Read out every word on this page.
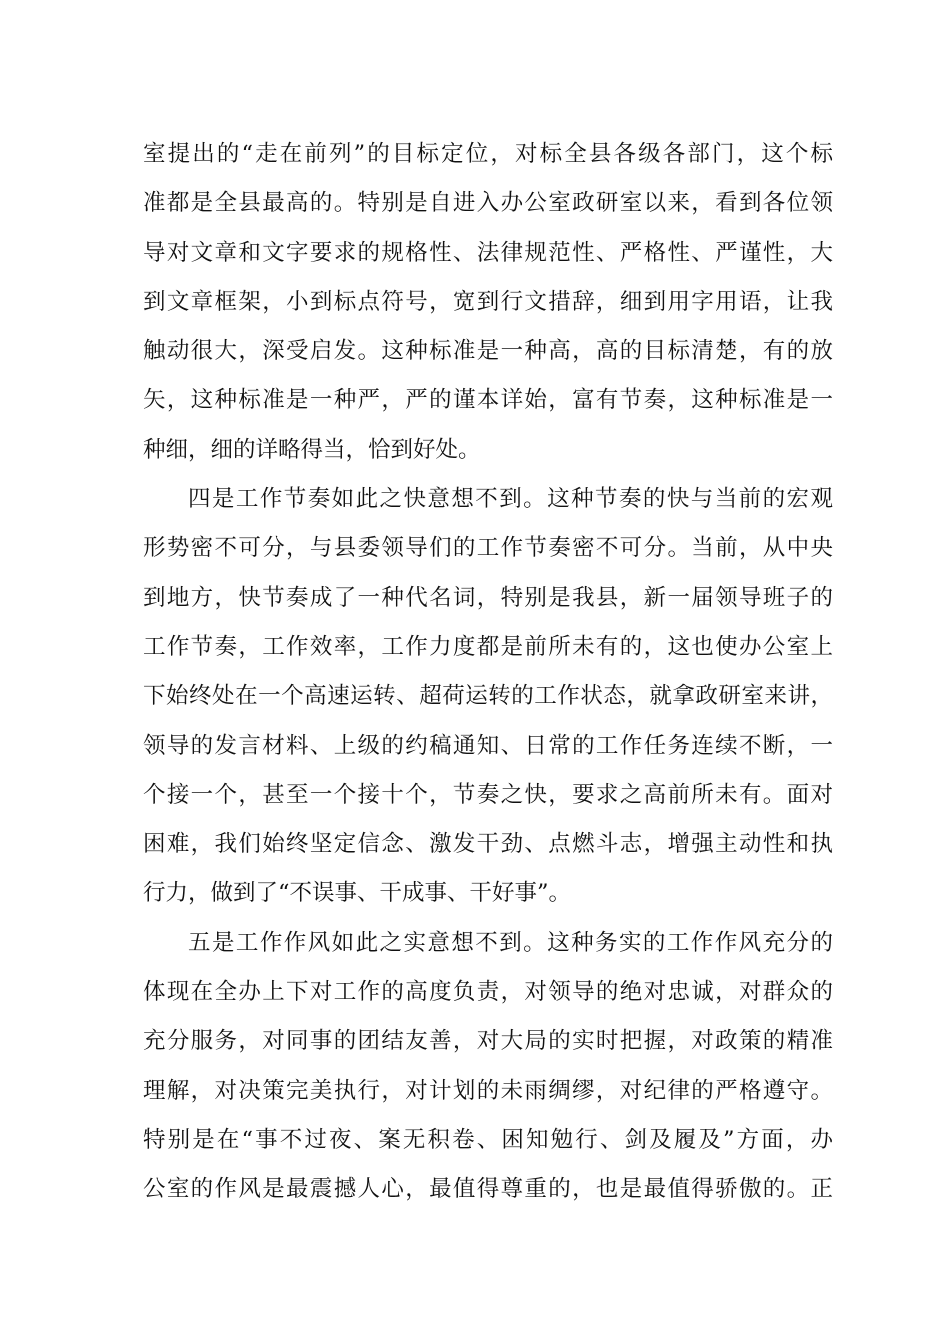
室提出的“走在前列”的目标定位，对标全县各级各部门，这个标
准都是全县最高的。特别是自进入办公室政研室以来，看到各位领
导对文章和文字要求的规格性、法律规范性、严格性、严谨性，大
到文章框架，小到标点符号，宽到行文措辞，细到用字用语，让我
触动很大，深受启发。这种标准是一种高，高的目标清楚，有的放
矢，这种标准是一种严，严的谨本详始，富有节奏，这种标准是一
种细，细的详略得当，恰到好处。
四是工作节奏如此之快意想不到。这种节奏的快与当前的宏观
形势密不可分，与县委领导们的工作节奏密不可分。当前，从中央
到地方，快节奏成了一种代名词，特别是我县，新一届领导班子的
工作节奏，工作效率，工作力度都是前所未有的，这也使办公室上
下始终处在一个高速运转、超荷运转的工作状态，就拿政研室来讲，
领导的发言材料、上级的约稿通知、日常的工作任务连续不断，一
个接一个，甚至一个接十个，节奏之快，要求之高前所未有。面对
困难，我们始终坚定信念、激发干劲、点燃斗志，增强主动性和执
行力，做到了“不误事、干成事、干好事”。
五是工作作风如此之实意想不到。这种务实的工作作风充分的
体现在全办上下对工作的高度负责，对领导的绝对忠诚，对群众的
充分服务，对同事的团结友善，对大局的实时把握，对政策的精准
理解，对决策完美执行，对计划的未雨绸缪，对纪律的严格遵守。
特别是在“事不过夜、案无积卷、困知勉行、剑及履及”方面，办
公室的作风是最震撼人心，最值得尊重的，也是最值得骄傲的。正
